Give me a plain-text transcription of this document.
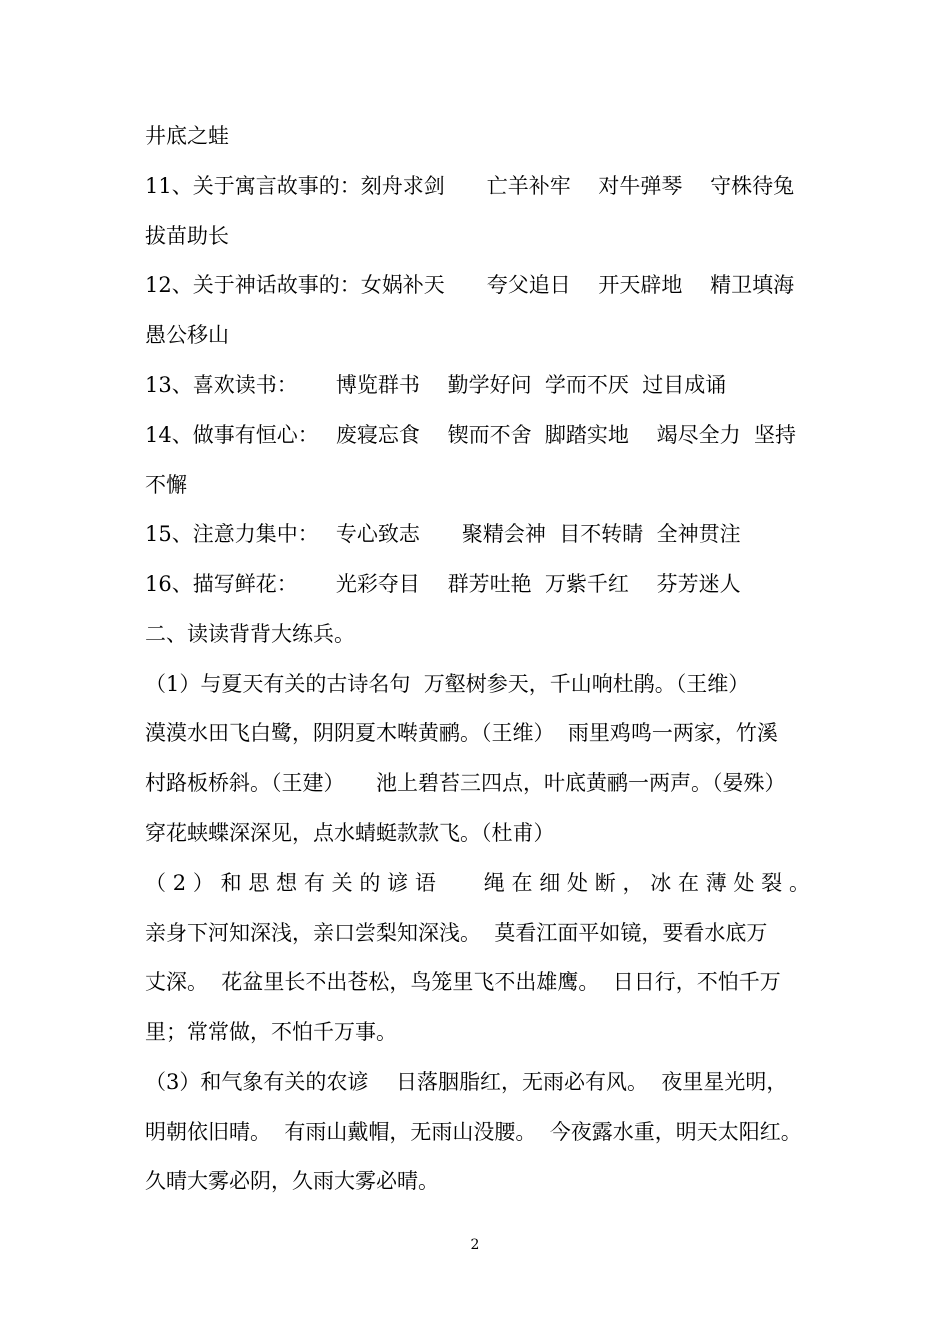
井底之蛙
11、关于寓言故事的：刻舟求剑　　亡羊补牢　 对牛弹琴　 守株待兔
拔苗助长
12、关于神话故事的：女娲补天　　夸父追日　 开天辟地　 精卫填海
愚公移山
13、喜欢读书：　　 博览群书　 勤学好问  学而不厌  过目成诵
14、做事有恒心：　 废寝忘食　 锲而不舍  脚踏实地　 竭尽全力  坚持
不懈
15、注意力集中：　 专心致志　　聚精会神  目不转睛  全神贯注
16、描写鲜花：　　 光彩夺目　 群芳吐艳  万紫千红　 芬芳迷人
二、读读背背大练兵。
（1）与夏天有关的古诗名句  万壑树参天，千山响杜鹃。（王维）
漠漠水田飞白鹭，阴阴夏木啭黄鹂。（王维）  雨里鸡鸣一两家，竹溪
村路板桥斜。（王建）　　池上碧苔三四点，叶底黄鹂一两声。（晏殊）
穿花蛱蝶深深见，点水蜻蜓款款飞。（杜甫）
（2）和思想有关的谚语　 绳在细处断，冰在薄处裂。
亲身下河知深浅，亲口尝梨知深浅。  莫看江面平如镜，要看水底万
丈深。  花盆里长不出苍松，鸟笼里飞不出雄鹰。  日日行，不怕千万
里；常常做，不怕千万事。
（3）和气象有关的农谚　 日落胭脂红，无雨必有风。  夜里星光明，
明朝依旧晴。  有雨山戴帽，无雨山没腰。  今夜露水重，明天太阳红。
久晴大雾必阴，久雨大雾必晴。
2
